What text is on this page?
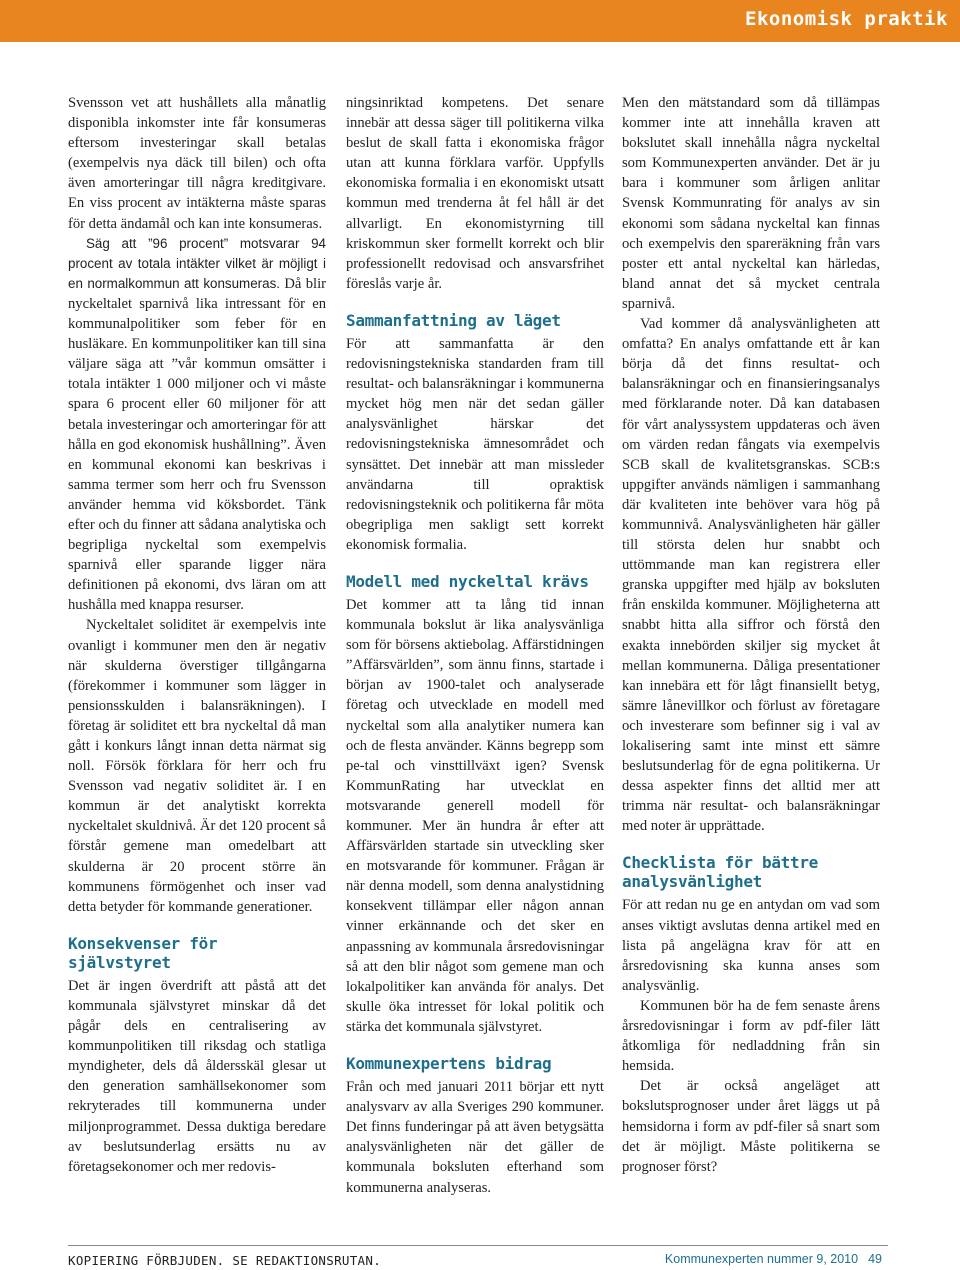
Ekonomisk praktik

Svensson vet att hushållets alla månatlig disponibla inkomster inte får konsumeras eftersom investeringar skall betalas (exempelvis nya däck till bilen) och ofta även amorteringar till några kreditgivare. En viss procent av intäkterna måste sparas för detta ändamål och kan inte konsumeras.

Säg att ”96 procent” motsvarar 94 procent av totala intäkter vilket är möjligt i en normalkommun att konsumeras. Då blir nyckeltalet sparnivå lika intressant för en kommunalpolitiker som feber för en husläkare. En kommunpolitiker kan till sina väljare säga att ”vår kommun omsätter i totala intäkter 1 000 miljoner och vi måste spara 6 procent eller 60 miljoner för att betala investeringar och amorteringar för att hålla en god ekonomisk hushållning”. Även en kommunal ekonomi kan beskrivas i samma termer som herr och fru Svensson använder hemma vid köksbordet. Tänk efter och du finner att sådana analytiska och begripliga nyckeltal som exempelvis sparnivå eller sparande ligger nära definitionen på ekonomi, dvs läran om att hushålla med knappa resurser.

Nyckeltalet soliditet är exempelvis inte ovanligt i kommuner men den är negativ när skulderna överstiger tillgångarna (förekommer i kommuner som lägger in pensionsskulden i balansräkningen). I företag är soliditet ett bra nyckeltal då man gått i konkurs långt innan detta närmat sig noll. Försök förklara för herr och fru Svensson vad negativ soliditet är. I en kommun är det analytiskt korrekta nyckeltalet skuldnivå. Är det 120 procent så förstår gemene man omedelbart att skulderna är 20 procent större än kommunens förmögenhet och inser vad detta betyder för kommande generationer.

Konsekvenser för självstyret

Det är ingen överdrift att påstå att det kommunala självstyret minskar då det pågår dels en centralisering av kommunpolitiken till riksdag och statliga myndigheter, dels då åldersskäl glesar ut den generation samhällsekonomer som rekryterades till kommunerna under miljonprogrammet. Dessa duktiga beredare av beslutsunderlag ersätts nu av företagsekonomer och mer redovis-

ningsinriktad kompetens. Det senare innebär att dessa säger till politikerna vilka beslut de skall fatta i ekonomiska frågor utan att kunna förklara varför. Uppfylls ekonomiska formalia i en ekonomiskt utsatt kommun med trenderna åt fel håll är det allvarligt. En ekonomistyrning till kriskommun sker formellt korrekt och blir professionellt redovisad och ansvarsfrihet föreslås varje år.

Sammanfattning av läget

För att sammanfatta är den redovisningstekniska standarden fram till resultat- och balansräkningar i kommunerna mycket hög men när det sedan gäller analysvänlighet härskar det redovisningstekniska ämnesområdet och synsättet. Det innebär att man missleder användarna till opraktisk redovisningsteknik och politikerna får möta obegripliga men sakligt sett korrekt ekonomisk formalia.

Modell med nyckeltal krävs

Det kommer att ta lång tid innan kommunala bokslut är lika analysvänliga som för börsens aktiebolag. Affärstidningen ”Affärsvärlden”, som ännu finns, startade i början av 1900-talet och analyserade företag och utvecklade en modell med nyckeltal som alla analytiker numera kan och de flesta använder. Känns begrepp som pe-tal och vinsttillväxt igen? Svensk KommunRating har utvecklat en motsvarande generell modell för kommuner. Mer än hundra år efter att Affärsvärlden startade sin utveckling sker en motsvarande för kommuner. Frågan är när denna modell, som denna analystidning konsekvent tillämpar eller någon annan vinner erkännande och det sker en anpassning av kommunala årsredovisningar så att den blir något som gemene man och lokalpolitiker kan använda för analys. Det skulle öka intresset för lokal politik och stärka det kommunala självstyret.

Kommunexpertens bidrag

Från och med januari 2011 börjar ett nytt analysvarv av alla Sveriges 290 kommuner. Det finns funderingar på att även betygsätta analysvänligheten när det gäller de kommunala boksluten efterhand som kommunerna analyseras.

Men den mätstandard som då tillämpas kommer inte att innehålla kraven att bokslutet skall innehålla några nyckeltal som Kommunexperten använder. Det är ju bara i kommuner som årligen anlitar Svensk Kommunrating för analys av sin ekonomi som sådana nyckeltal kan finnas och exempelvis den spareräkning från vars poster ett antal nyckeltal kan härledas, bland annat det så mycket centrala sparnivå.

Vad kommer då analysvänligheten att omfatta? En analys omfattande ett år kan börja då det finns resultat- och balansräkningar och en finansieringsanalys med förklarande noter. Då kan databasen för vårt analyssystem uppdateras och även om värden redan fångats via exempelvis SCB skall de kvalitetsgranskas. SCB:s uppgifter används nämligen i sammanhang där kvaliteten inte behöver vara hög på kommunnivå. Analysvänligheten här gäller till största delen hur snabbt och uttömmande man kan registrera eller granska uppgifter med hjälp av boksluten från enskilda kommuner. Möjligheterna att snabbt hitta alla siffror och förstå den exakta innebörden skiljer sig mycket åt mellan kommunerna. Dåliga presentationer kan innebära ett för lågt finansiellt betyg, sämre lånevillkor och förlust av företagare och investerare som befinner sig i val av lokalisering samt inte minst ett sämre beslutsunderlag för de egna politikerna. Ur dessa aspekter finns det alltid mer att trimma när resultat- och balansräkningar med noter är upprättade.

Checklista för bättre analysvänlighet

För att redan nu ge en antydan om vad som anses viktigt avslutas denna artikel med en lista på angelägna krav för att en årsredovisning ska kunna anses som analysvänlig.

Kommunen bör ha de fem senaste årens årsredovisningar i form av pdf-filer lätt åtkomliga för nedladdning från sin hemsida.

Det är också angeläget att bokslutsprognoser under året läggs ut på hemsidorna i form av pdf-filer så snart som det är möjligt. Måste politikerna se prognoser först?

KOPIERING FÖRBJUDEN. SE REDAKTIONSRUTAN.	Kommunexperten nummer 9, 2010 49
